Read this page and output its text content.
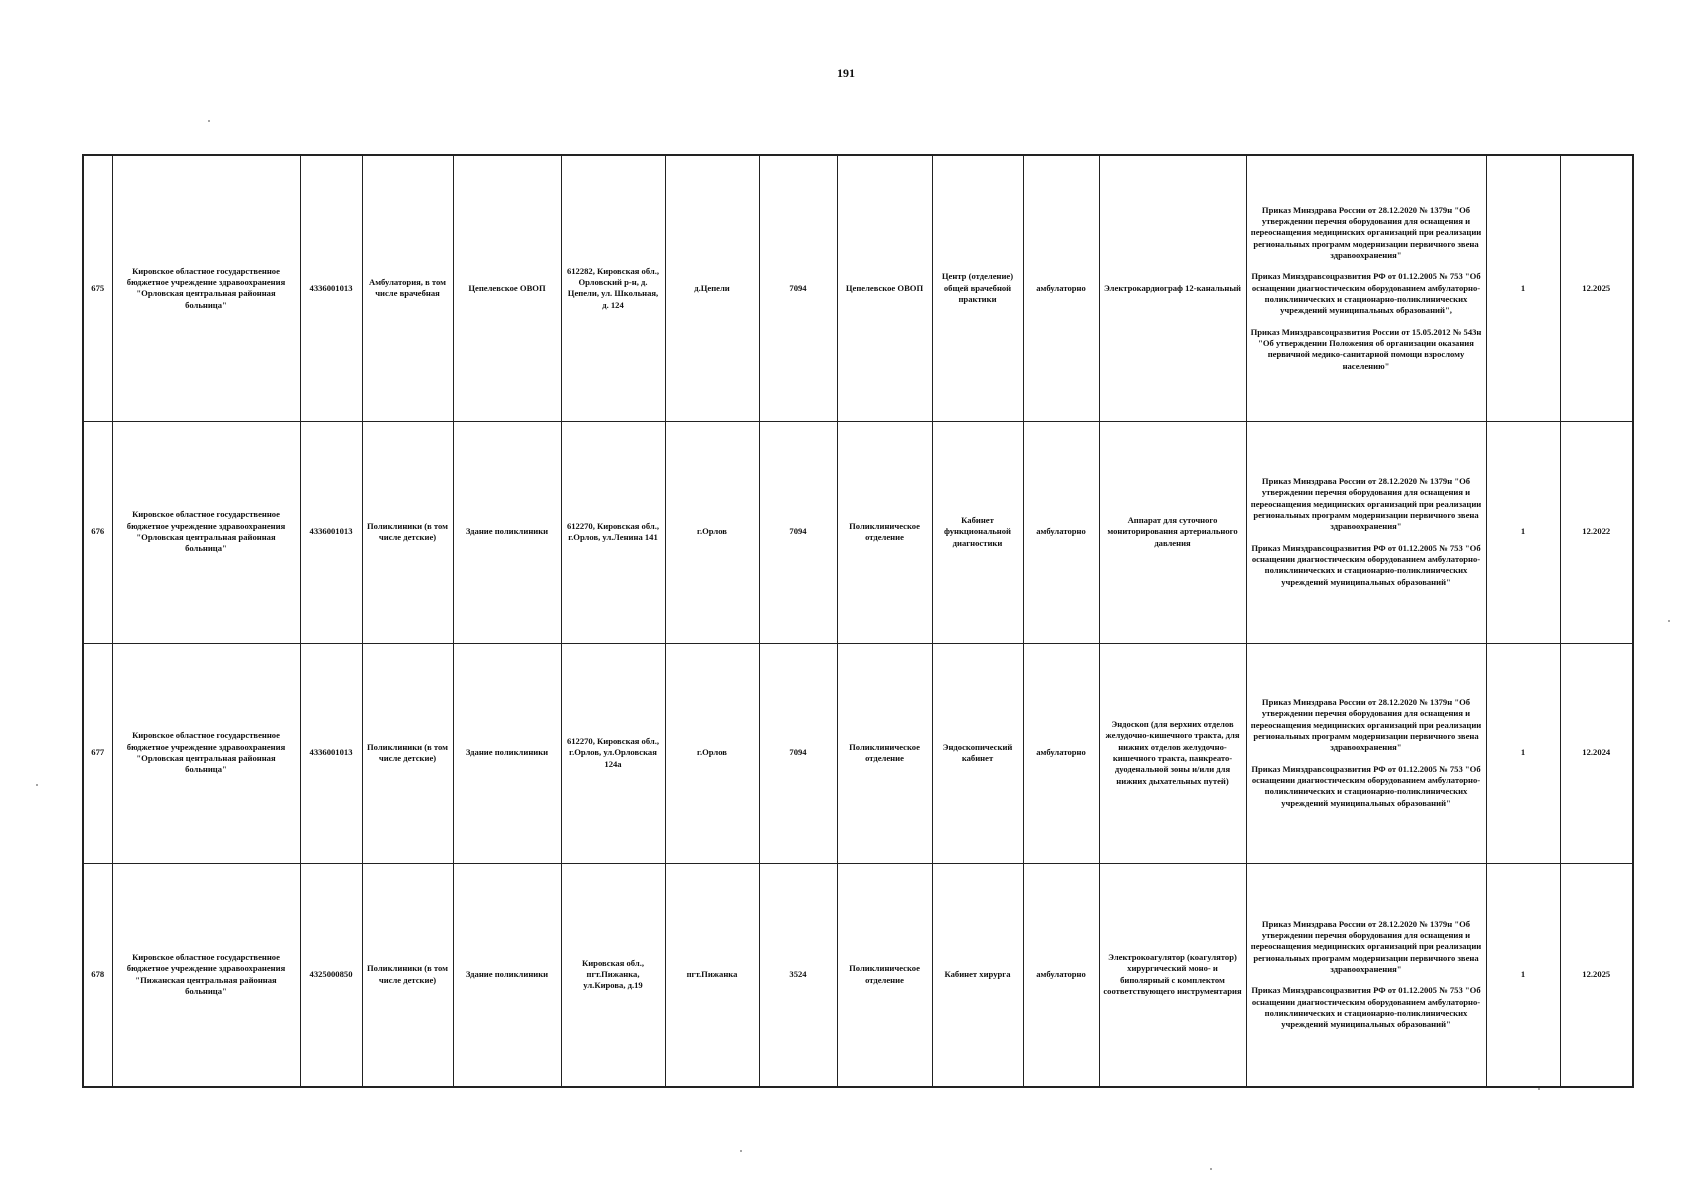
191
675	Кировское областное государственное бюджетное учреждение здравоохранения "Орловская центральная районная больница"	4336001013	Амбулатория, в том числе врачебная	Цепелевское ОВОП	612282, Кировская обл., Орловский р-н, д. Цепели, ул. Школьная, д. 124	д.Цепели	7094	Цепелевское ОВОП	Центр (отделение) общей врачебной практики	амбулаторно	Электрокардиограф 12-канальный	Приказ Минздрава России от 28.12.2020 № 1379н "Об утверждении перечня оборудования для оснащения и переоснащения медицинских организаций при реализации региональных программ модернизации первичного звена здравоохранения"
Приказ Минздравсоцразвития РФ от 01.12.2005 № 753 "Об оснащении диагностическим оборудованием амбулаторно-поликлинических и стационарно-поликлинических учреждений муниципальных образований",
Приказ Минздравсоцразвития России от 15.05.2012 № 543н "Об утверждении Положения об организации оказания первичной медико-санитарной помощи взрослому населению"	1	12.2025
676	Кировское областное государственное бюджетное учреждение здравоохранения "Орловская центральная районная больница"	4336001013	Поликлиники (в том числе детские)	Здание поликлиники	612270, Кировская обл., г.Орлов, ул.Ленина 141	г.Орлов	7094	Поликлиническое отделение	Кабинет функциональной диагностики	амбулаторно	Аппарат для суточного мониторирования артериального давления	Приказ Минздрава России от 28.12.2020 № 1379н "Об утверждении перечня оборудования для оснащения и переоснащения медицинских организаций при реализации региональных программ модернизации первичного звена здравоохранения"
Приказ Минздравсоцразвития РФ от 01.12.2005 № 753 "Об оснащении диагностическим оборудованием амбулаторно-поликлинических и стационарно-поликлинических учреждений муниципальных образований"	1	12.2022
677	Кировское областное государственное бюджетное учреждение здравоохранения "Орловская центральная районная больница"	4336001013	Поликлиники (в том числе детские)	Здание поликлиники	612270, Кировская обл., г.Орлов, ул.Орловская 124а	г.Орлов	7094	Поликлиническое отделение	Эндоскопический кабинет	амбулаторно	Эндоскоп (для верхних отделов желудочно-кишечного тракта, для нижних отделов желудочно-кишечного тракта, панкреато-дуоденальной зоны и/или для нижних дыхательных путей)	Приказ Минздрава России от 28.12.2020 № 1379н "Об утверждении перечня оборудования для оснащения и переоснащения медицинских организаций при реализации региональных программ модернизации первичного звена здравоохранения"
Приказ Минздравсоцразвития РФ от 01.12.2005 № 753 "Об оснащении диагностическим оборудованием амбулаторно-поликлинических и стационарно-поликлинических учреждений муниципальных образований"	1	12.2024
678	Кировское областное государственное бюджетное учреждение здравоохранения "Пижанская центральная районная больница"	4325000850	Поликлиники (в том числе детские)	Здание поликлиники	Кировская обл., пгт.Пижанка, ул.Кирова, д.19	пгт.Пижанка	3524	Поликлиническое отделение	Кабинет хирурга	амбулаторно	Электрокоагулятор (коагулятор) хирургический моно- и биполярный с комплектом соответствующего инструментария	Приказ Минздрава России от 28.12.2020 № 1379н "Об утверждении перечня оборудования для оснащения и переоснащения медицинских организаций при реализации региональных программ модернизации первичного звена здравоохранения"
Приказ Минздравсоцразвития РФ от 01.12.2005 № 753 "Об оснащении диагностическим оборудованием амбулаторно-поликлинических и стационарно-поликлинических учреждений муниципальных образований"	1	12.2025
